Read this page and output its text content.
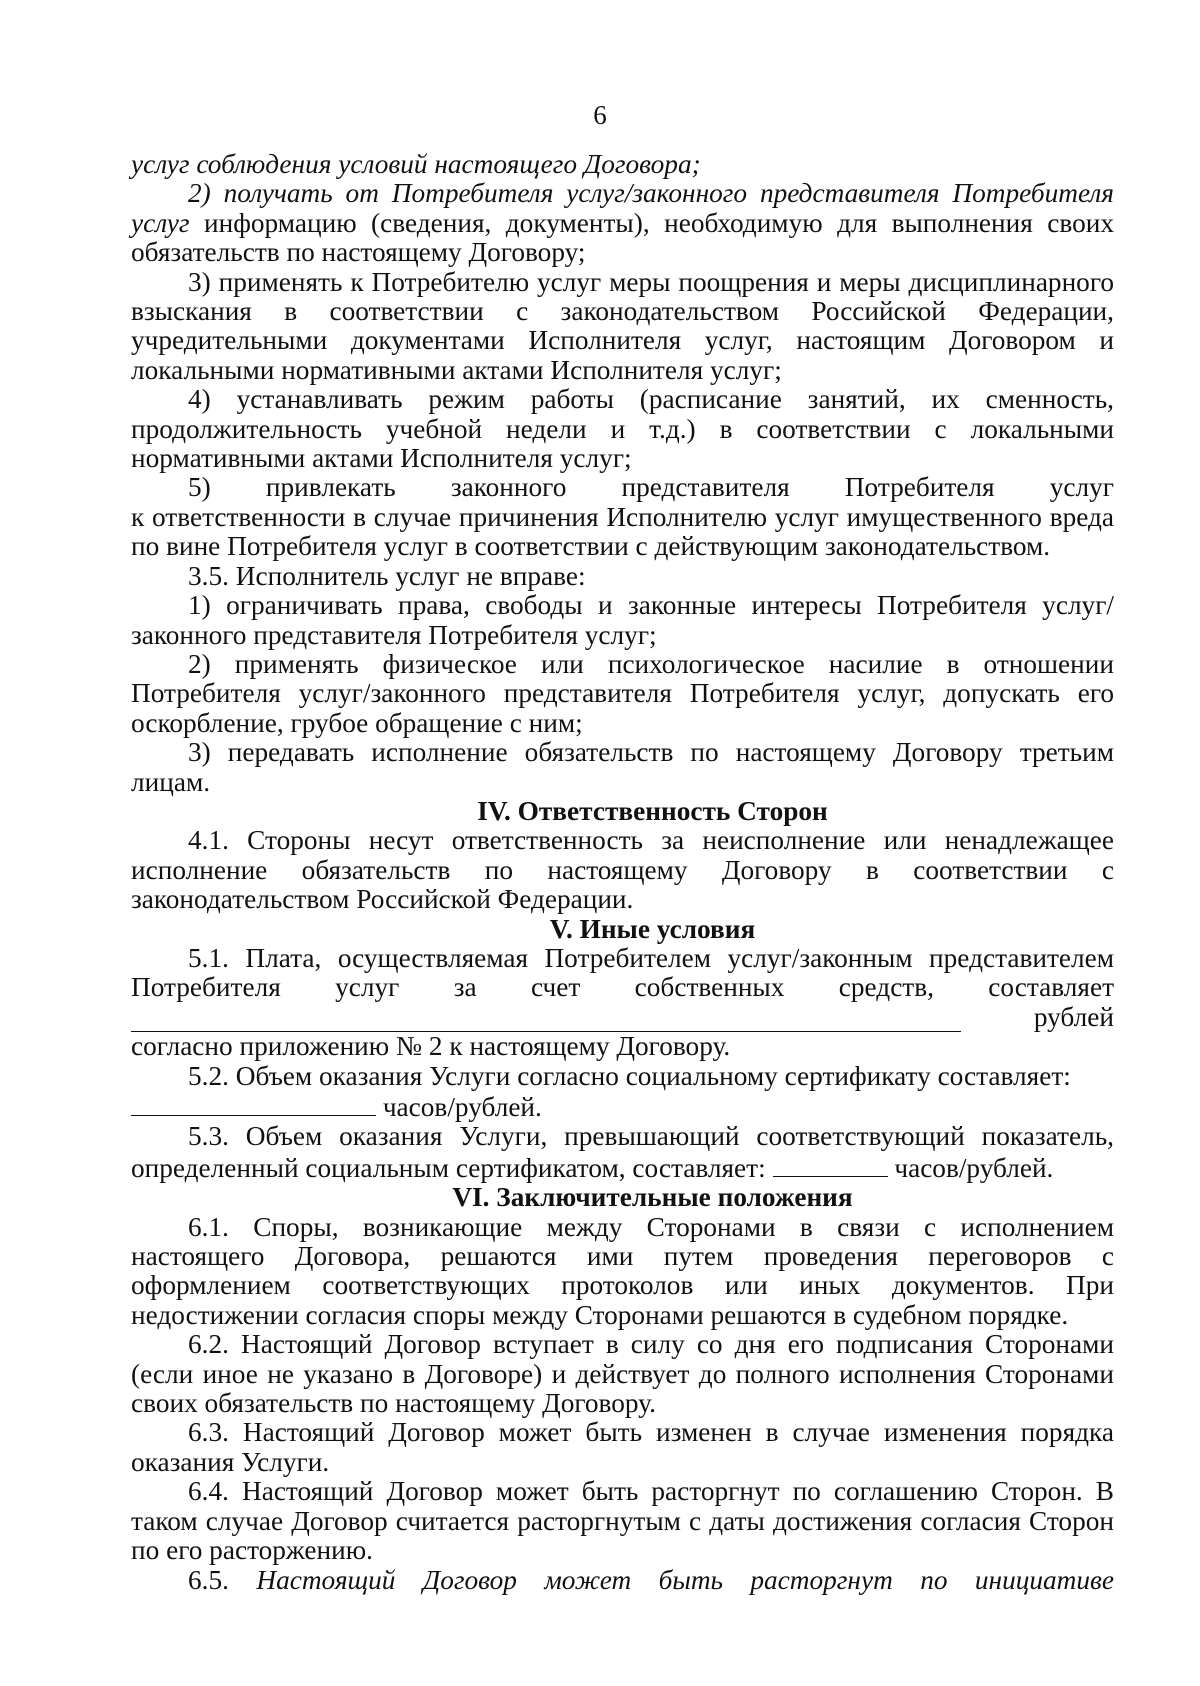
6

услуг соблюдения условий настоящего Договора;

2) получать от Потребителя услуг/законного представителя Потребителя услуг информацию (сведения, документы), необходимую для выполнения своих обязательств по настоящему Договору;

3) применять к Потребителю услуг меры поощрения и меры дисциплинарного взыскания в соответствии с законодательством Российской Федерации, учредительными документами Исполнителя услуг, настоящим Договором и локальными нормативными актами Исполнителя услуг;

4) устанавливать режим работы (расписание занятий, их сменность, продолжительность учебной недели и т.д.) в соответствии с локальными нормативными актами Исполнителя услуг;

5) привлекать законного представителя Потребителя услуг

к ответственности в случае причинения Исполнителю услуг имущественного вреда по вине Потребителя услуг в соответствии с действующим законодательством.

3.5. Исполнитель услуг не вправе:

1) ограничивать права, свободы и законные интересы Потребителя услуг/законного представителя Потребителя услуг;

2) применять физическое или психологическое насилие в отношении Потребителя услуг/законного представителя Потребителя услуг, допускать его оскорбление, грубое обращение с ним;

3) передавать исполнение обязательств по настоящему Договору третьим лицам.

IV. Ответственность Сторон

4.1. Стороны несут ответственность за неисполнение или ненадлежащее исполнение обязательств по настоящему Договору в соответствии с законодательством Российской Федерации.

V. Иные условия

5.1. Плата, осуществляемая Потребителем услуг/законным представителем Потребителя услуг за счет собственных средств, составляет

рублей

согласно приложению № 2 к настоящему Договору.

5.2. Объем оказания Услуги согласно социальному сертификату составляет:

часов/рублей.

5.3. Объем оказания Услуги, превышающий соответствующий показатель, определенный социальным сертификатом, составляет:	часов/рублей.

VI. Заключительные положения

6.1. Споры, возникающие между Сторонами в связи с исполнением настоящего Договора, решаются ими путем проведения переговоров с оформлением соответствующих протоколов или иных документов. При недостижении согласия споры между Сторонами решаются в судебном порядке.

6.2. Настоящий Договор вступает в силу со дня его подписания Сторонами (если иное не указано в Договоре) и действует до полного исполнения Сторонами своих обязательств по настоящему Договору.

6.3. Настоящий Договор может быть изменен в случае изменения порядка оказания Услуги.

6.4. Настоящий Договор может быть расторгнут по соглашению Сторон. В таком случае Договор считается расторгнутым с даты достижения согласия Сторон по его расторжению.

6.5. Настоящий Договор может быть расторгнут по инициативе
